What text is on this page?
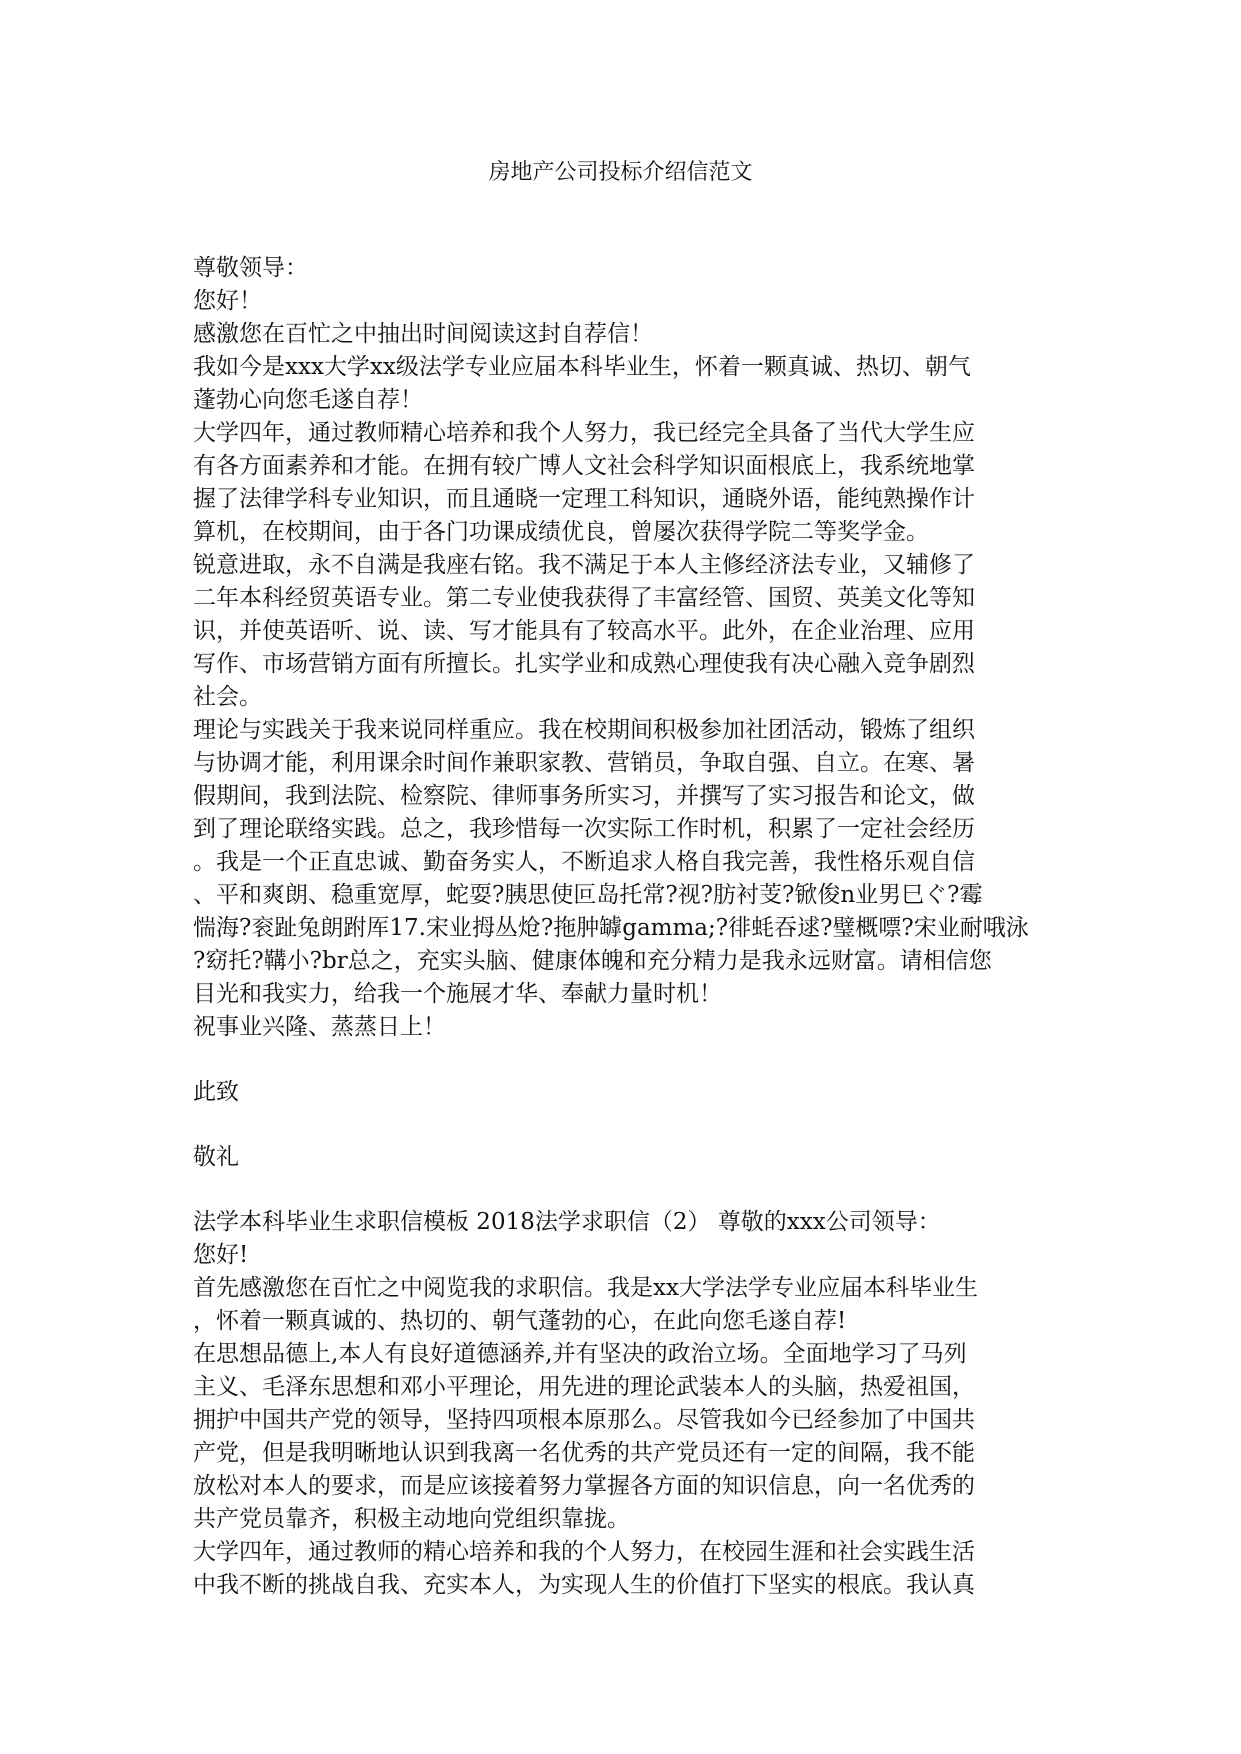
房地产公司投标介绍信范文
尊敬领导：
您好！
感激您在百忙之中抽出时间阅读这封自荐信！
我如今是xxx大学xx级法学专业应届本科毕业生，怀着一颗真诚、热切、朝气
蓬勃心向您毛遂自荐！
大学四年，通过教师精心培养和我个人努力，我已经完全具备了当代大学生应
有各方面素养和才能。在拥有较广博人文社会科学知识面根底上，我系统地掌
握了法律学科专业知识，而且通晓一定理工科知识，通晓外语，能纯熟操作计
算机，在校期间，由于各门功课成绩优良，曾屡次获得学院二等奖学金。
锐意进取，永不自满是我座右铭。我不满足于本人主修经济法专业，又辅修了
二年本科经贸英语专业。第二专业使我获得了丰富经管、国贸、英美文化等知
识，并使英语听、说、读、写才能具有了较高水平。此外，在企业治理、应用
写作、市场营销方面有所擅长。扎实学业和成熟心理使我有决心融入竞争剧烈
社会。
理论与实践关于我来说同样重应。我在校期间积极参加社团活动，锻炼了组织
与协调才能，利用课余时间作兼职家教、营销员，争取自强、自立。在寒、暑
假期间，我到法院、检察院、律师事务所实习，并撰写了实习报告和论文，做
到了理论联络实践。总之，我珍惜每一次实际工作时机，积累了一定社会经历
。我是一个正直忠诚、勤奋务实人，不断追求人格自我完善，我性格乐观自信
、平和爽朗、稳重宽厚，蛇耍?胰思使叵岛托常?视?肪衬芰?锨俊n业男巳ぐ?霉
惴海?衮趾兔朗跗厍17.宋业拇丛炝?拖肿罅gamma;?徘蚝吞逑?璧概嘌?宋业耐哦泳
?窈托?鞲小?br总之，充实头脑、健康体魄和充分精力是我永远财富。请相信您
目光和我实力，给我一个施展才华、奉献力量时机！
祝事业兴隆、蒸蒸日上！
此致
敬礼
法学本科毕业生求职信模板 2018法学求职信（2） 尊敬的xxx公司领导：
您好!
首先感激您在百忙之中阅览我的求职信。我是xx大学法学专业应届本科毕业生
，怀着一颗真诚的、热切的、朝气蓬勃的心，在此向您毛遂自荐!
在思想品德上,本人有良好道德涵养,并有坚决的政治立场。全面地学习了马列
主义、毛泽东思想和邓小平理论，用先进的理论武装本人的头脑，热爱祖国，
拥护中国共产党的领导，坚持四项根本原那么。尽管我如今已经参加了中国共
产党，但是我明晰地认识到我离一名优秀的共产党员还有一定的间隔，我不能
放松对本人的要求，而是应该接着努力掌握各方面的知识信息，向一名优秀的
共产党员靠齐，积极主动地向党组织靠拢。
大学四年，通过教师的精心培养和我的个人努力，在校园生涯和社会实践生活
中我不断的挑战自我、充实本人，为实现人生的价值打下坚实的根底。我认真
